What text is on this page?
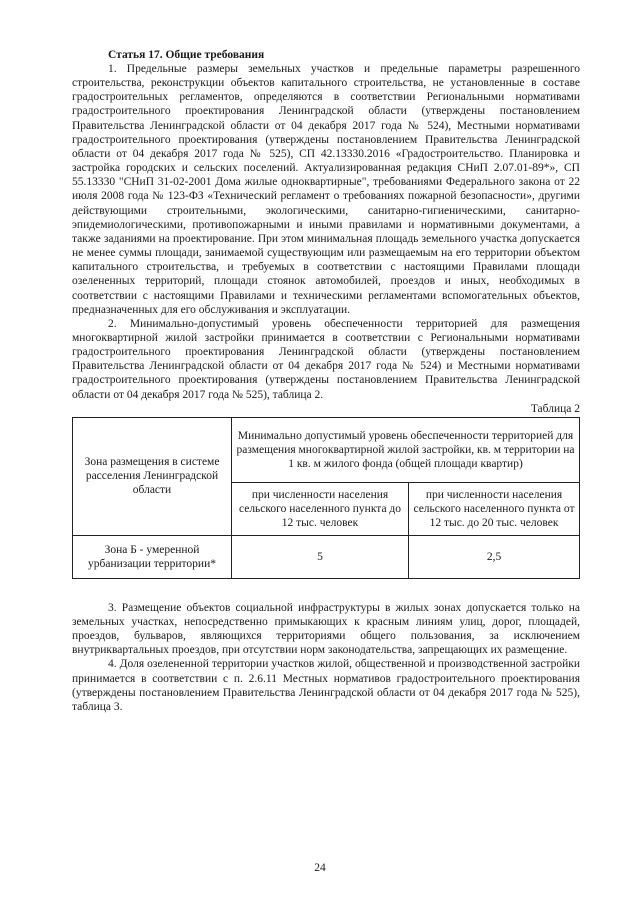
Статья 17. Общие требования

1. Предельные размеры земельных участков и предельные параметры разрешенного строительства, реконструкции объектов капитального строительства, не установленные в составе градостроительных регламентов, определяются в соответствии Региональными нормативами градостроительного проектирования Ленинградской области (утверждены постановлением Правительства Ленинградской области от 04 декабря 2017 года № 524), Местными нормативами градостроительного проектирования (утверждены постановлением Правительства Ленинградской области от 04 декабря 2017 года № 525), СП 42.13330.2016 «Градостроительство. Планировка и застройка городских и сельских поселений. Актуализированная редакция СНиП 2.07.01-89*», СП 55.13330 "СНиП 31-02-2001 Дома жилые одноквартирные", требованиями Федерального закона от 22 июля 2008 года № 123-ФЗ «Технический регламент о требованиях пожарной безопасности», другими действующими строительными, экологическими, санитарно-гигиеническими, санитарно-эпидемиологическими, противопожарными и иными правилами и нормативными документами, а также заданиями на проектирование. При этом минимальная площадь земельного участка допускается не менее суммы площади, занимаемой существующим или размещаемым на его территории объектом капитального строительства, и требуемых в соответствии с настоящими Правилами площади озелененных территорий, площади стоянок автомобилей, проездов и иных, необходимых в соответствии с настоящими Правилами и техническими регламентами вспомогательных объектов, предназначенных для его обслуживания и эксплуатации.

2. Минимально-допустимый уровень обеспеченности территорией для размещения многоквартирной жилой застройки принимается в соответствии с Региональными нормативами градостроительного проектирования Ленинградской области (утверждены постановлением Правительства Ленинградской области от 04 декабря 2017 года № 524) и Местными нормативами градостроительного проектирования (утверждены постановлением Правительства Ленинградской области от 04 декабря 2017 года № 525), таблица 2.

Таблица 2

Зона размещения в системе расселения Ленинградской области	Минимально допустимый уровень обеспеченности территорией для размещения многоквартирной жилой застройки, кв. м территории на 1 кв. м жилого фонда (общей площади квартир)	
	при численности населения сельского населенного пункта до 12 тыс. человек	при численности населения сельского населенного пункта от 12 тыс. до 20 тыс. человек
Зона Б - умеренной урбанизации территории*	5	2,5

3. Размещение объектов социальной инфраструктуры в жилых зонах допускается только на земельных участках, непосредственно примыкающих к красным линиям улиц, дорог, площадей, проездов, бульваров, являющихся территориями общего пользования, за исключением внутриквартальных проездов, при отсутствии норм законодательства, запрещающих их размещение.

4. Доля озелененной территории участков жилой, общественной и производственной застройки принимается в соответствии с п. 2.6.11 Местных нормативов градостроительного проектирования (утверждены постановлением Правительства Ленинградской области от 04 декабря 2017 года № 525), таблица 3.

24
